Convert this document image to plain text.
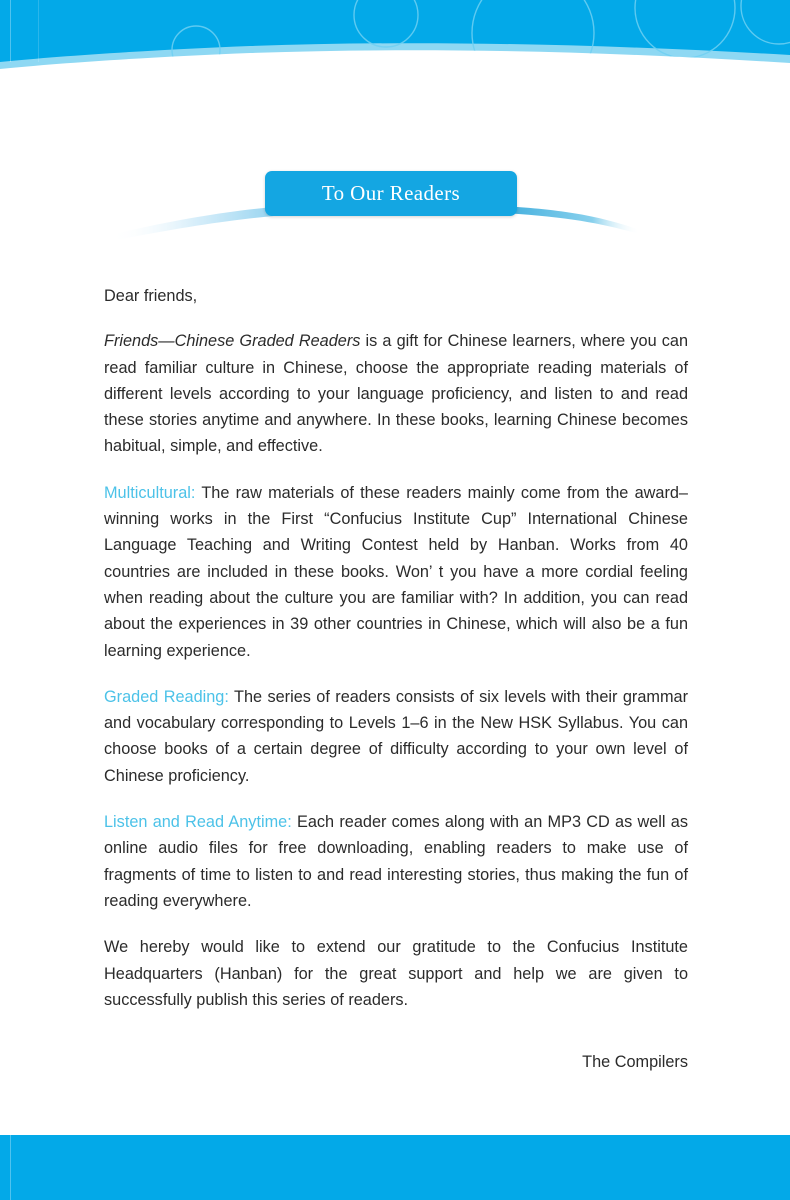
To Our Readers

Dear friends,

Friends—Chinese Graded Readers is a gift for Chinese learners, where you can read familiar culture in Chinese, choose the appropriate reading materials of different levels according to your language proficiency, and listen to and read these stories anytime and anywhere. In these books, learning Chinese becomes habitual, simple, and effective.

Multicultural: The raw materials of these readers mainly come from the award–winning works in the First “Confucius Institute Cup” International Chinese Language Teaching and Writing Contest held by Hanban. Works from 40 countries are included in these books. Won’ t you have a more cordial feeling when reading about the culture you are familiar with? In addition, you can read about the experiences in 39 other countries in Chinese, which will also be a fun learning experience.

Graded Reading: The series of readers consists of six levels with their grammar and vocabulary corresponding to Levels 1–6 in the New HSK Syllabus. You can choose books of a certain degree of difficulty according to your own level of Chinese proficiency.

Listen and Read Anytime: Each reader comes along with an MP3 CD as well as online audio files for free downloading, enabling readers to make use of fragments of time to listen to and read interesting stories, thus making the fun of reading everywhere.

We hereby would like to extend our gratitude to the Confucius Institute Headquarters (Hanban) for the great support and help we are given to successfully publish this series of readers.

The Compilers
